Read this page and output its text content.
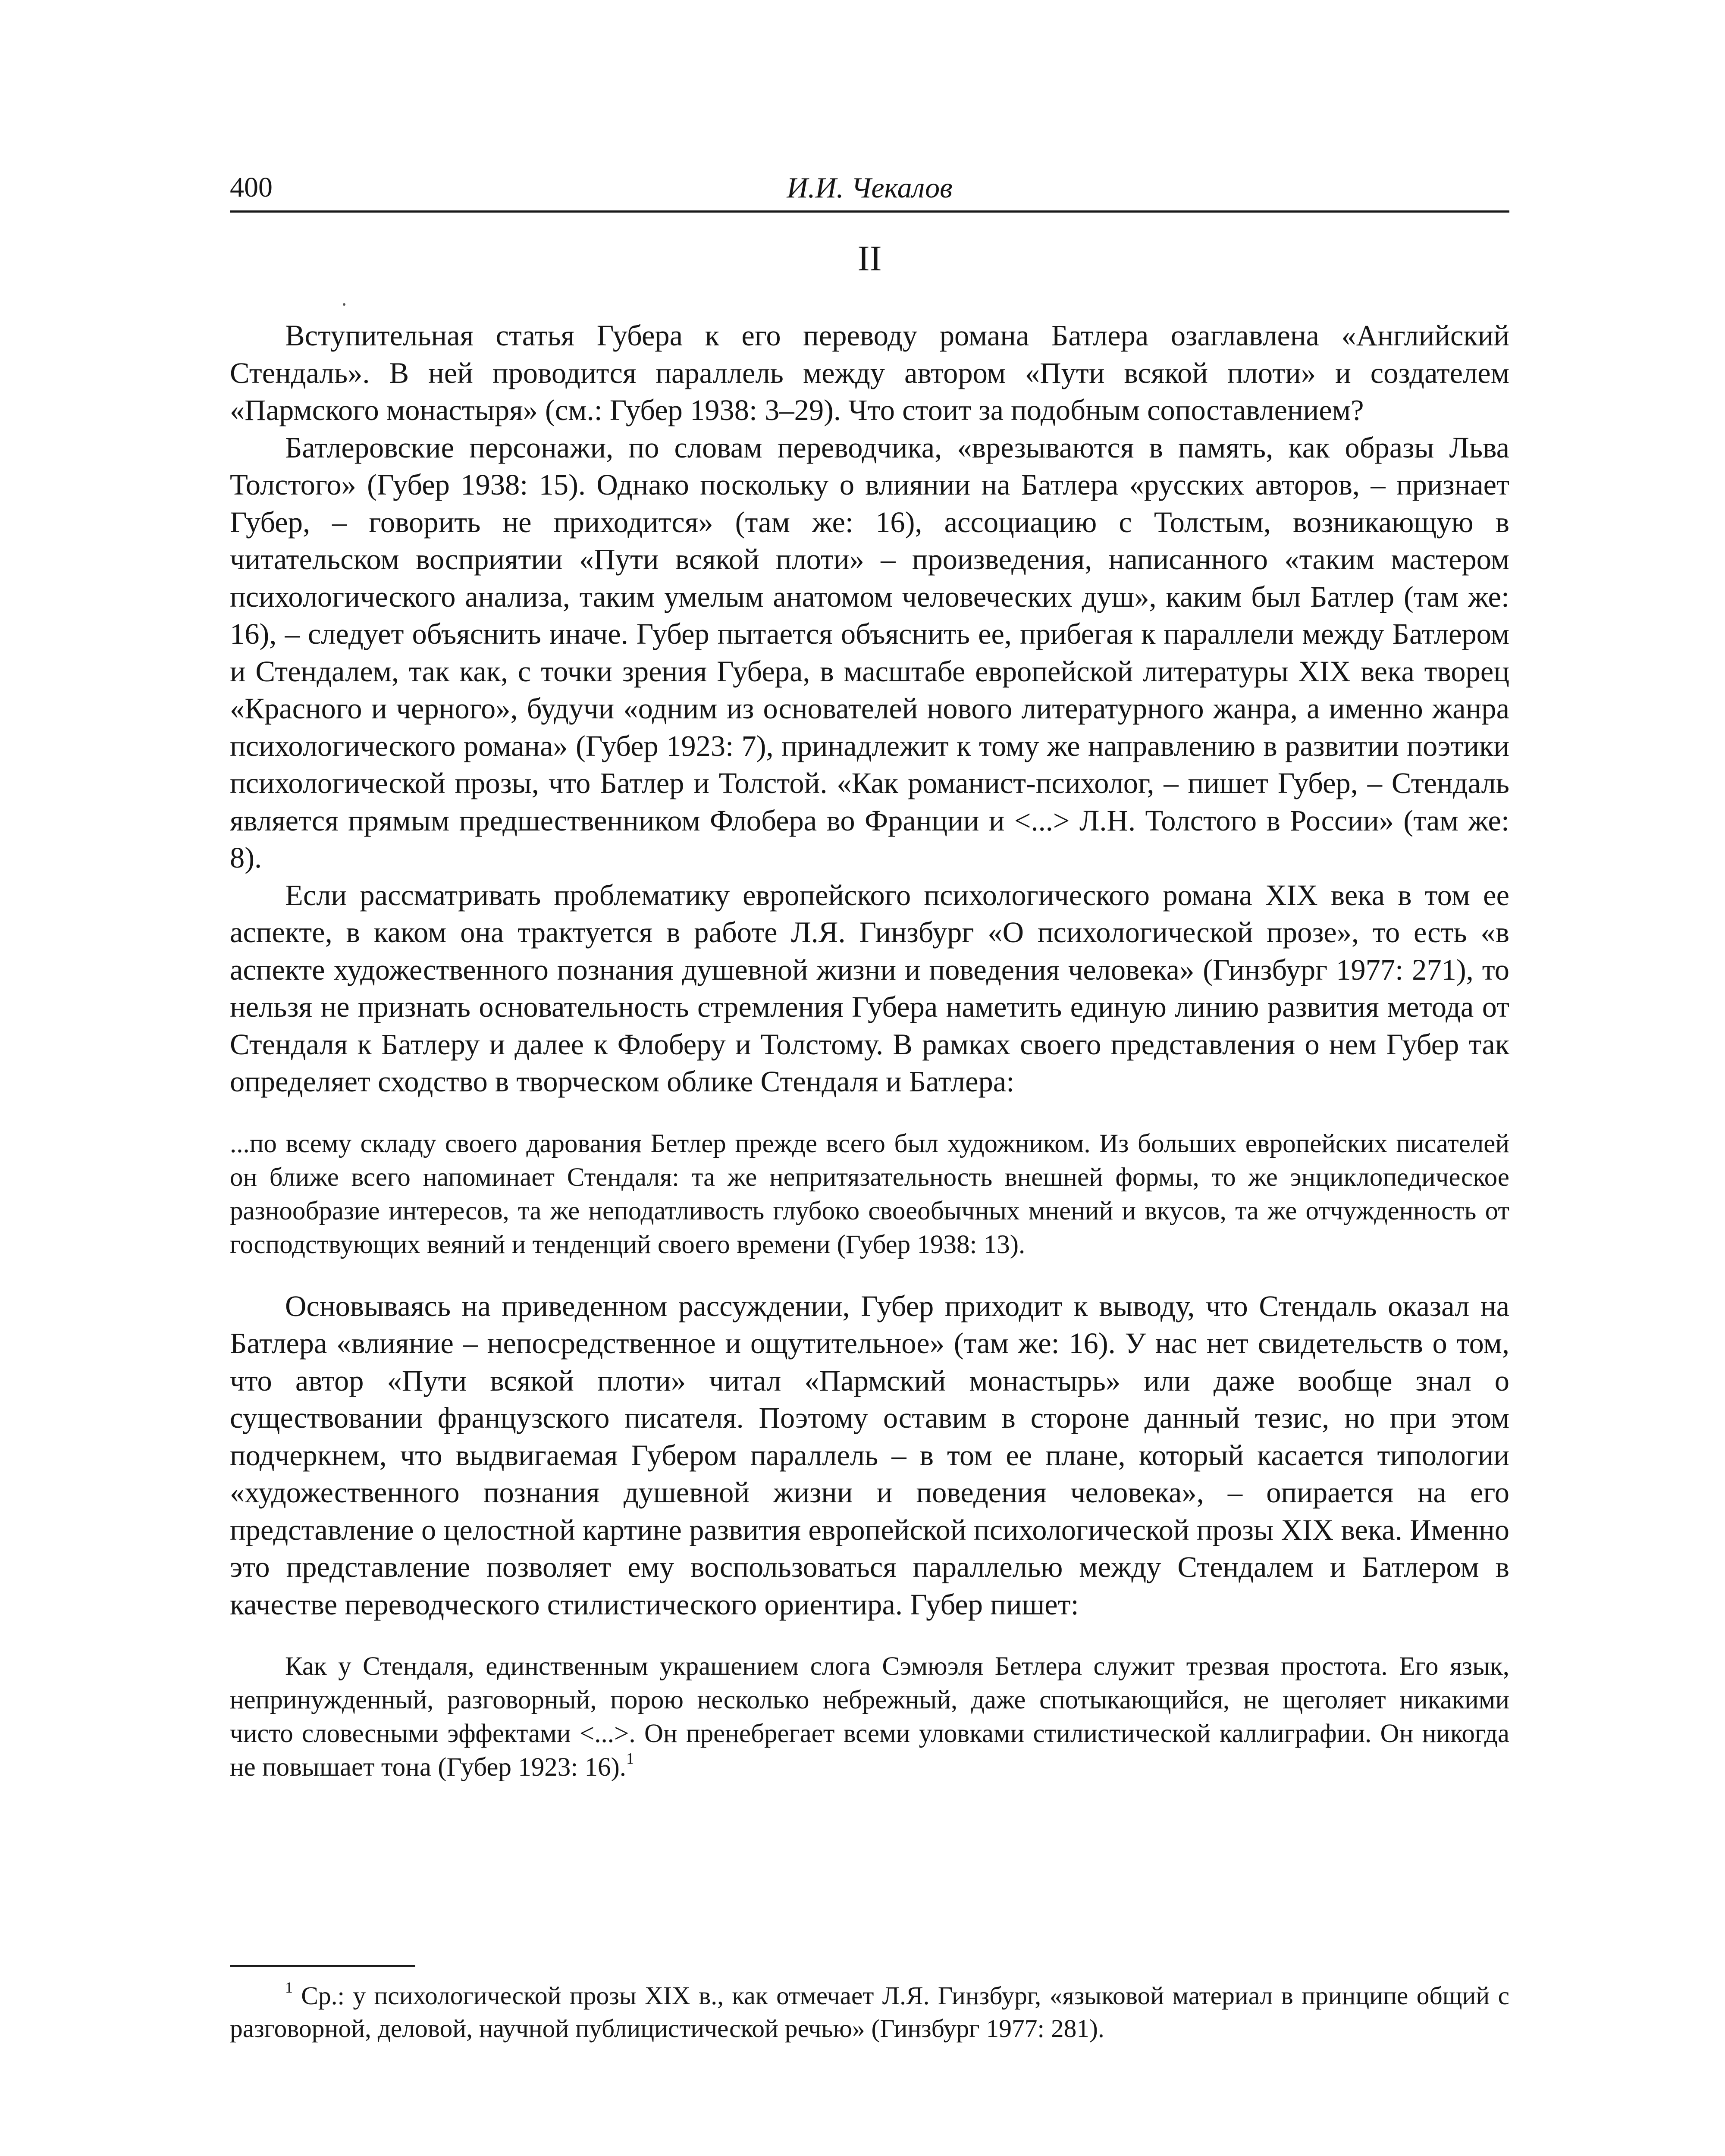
400	И.И. Чекалов
II

Вступительная статья Губера к его переводу романа Батлера озаглавлена «Английский Стендаль». В ней проводится параллель между автором «Пути всякой плоти» и создателем «Пармского монастыря» (см.: Губер 1938: 3–29). Что стоит за подобным сопоставлением?

Батлеровские персонажи, по словам переводчика, «врезываются в память, как образы Льва Толстого» (Губер 1938: 15). Однако поскольку о влиянии на Батлера «русских авторов, – признает Губер, – говорить не приходится» (там же: 16), ассоциацию с Толстым, возникающую в читательском восприятии «Пути всякой плоти» – произведения, написанного «таким мастером психологического анализа, таким умелым анатомом человеческих душ», каким был Батлер (там же: 16), – следует объяснить иначе. Губер пытается объяснить ее, прибегая к параллели между Батлером и Стендалем, так как, с точки зрения Губера, в масштабе европейской литературы XIX века творец «Красного и черного», будучи «одним из основателей нового литературного жанра, а именно жанра психологического романа» (Губер 1923: 7), принадлежит к тому же направлению в развитии поэтики психологической прозы, что Батлер и Толстой. «Как романист-психолог, – пишет Губер, – Стендаль является прямым предшественником Флобера во Франции и <...> Л.Н. Толстого в России» (там же: 8).

Если рассматривать проблематику европейского психологического романа XIX века в том ее аспекте, в каком она трактуется в работе Л.Я. Гинзбург «О психологической прозе», то есть «в аспекте художественного познания душевной жизни и поведения человека» (Гинзбург 1977: 271), то нельзя не признать основательность стремления Губера наметить единую линию развития метода от Стендаля к Батлеру и далее к Флоберу и Толстому. В рамках своего представления о нем Губер так определяет сходство в творческом облике Стендаля и Батлера:

...по всему складу своего дарования Бетлер прежде всего был художником. Из больших европейских писателей он ближе всего напоминает Стендаля: та же непритязательность внешней формы, то же энциклопедическое разнообразие интересов, та же неподатливость глубоко своеобычных мнений и вкусов, та же отчужденность от господствующих веяний и тенденций своего времени (Губер 1938: 13).

Основываясь на приведенном рассуждении, Губер приходит к выводу, что Стендаль оказал на Батлера «влияние – непосредственное и ощутительное» (там же: 16). У нас нет свидетельств о том, что автор «Пути всякой плоти» читал «Пармский монастырь» или даже вообще знал о существовании французского писателя. Поэтому оставим в стороне данный тезис, но при этом подчеркнем, что выдвигаемая Губером параллель – в том ее плане, который касается типологии «художественного познания душевной жизни и поведения человека», – опирается на его представление о целостной картине развития европейской психологической прозы XIX века. Именно это представление позволяет ему воспользоваться параллелью между Стендалем и Батлером в качестве переводческого стилистического ориентира. Губер пишет:

Как у Стендаля, единственным украшением слога Сэмюэля Бетлера служит трезвая простота. Его язык, непринужденный, разговорный, порою несколько небрежный, даже спотыкающийся, не щеголяет никакими чисто словесными эффектами <...>. Он пренебрегает всеми уловками стилистической каллиграфии. Он никогда не повышает тона (Губер 1923: 16).$^1$

$^1$ Ср.: у психологической прозы XIX в., как отмечает Л.Я. Гинзбург, «языковой материал в принципе общий с разговорной, деловой, научной публицистической речью» (Гинзбург 1977: 281).
